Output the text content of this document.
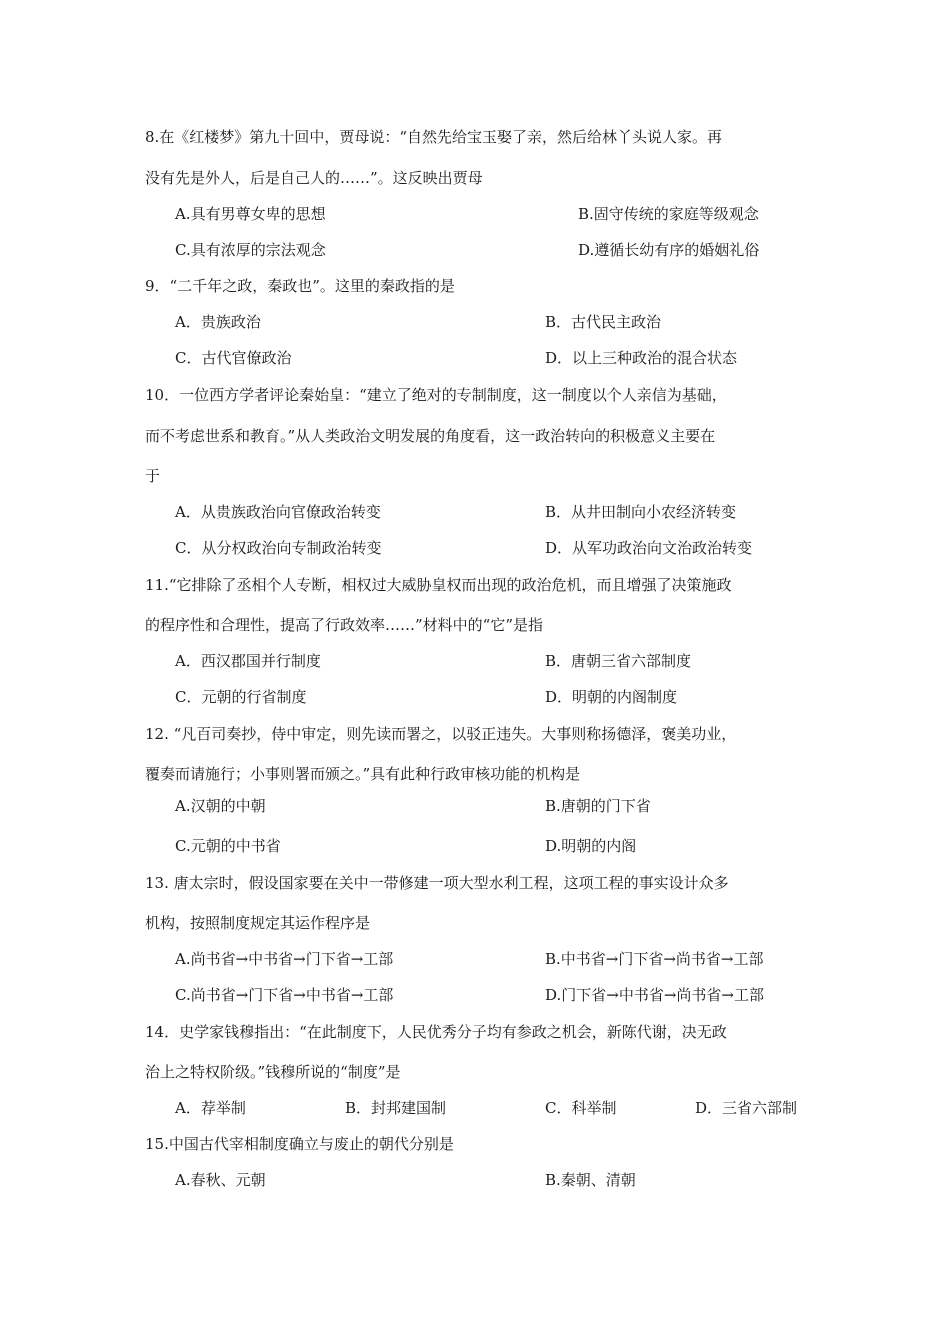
8.在《红楼梦》第九十回中，贾母说：“自然先给宝玉娶了亲，然后给林丫头说人家。再
没有先是外人，后是自己人的……”。这反映出贾母
A.具有男尊女卑的思想	B.固守传统的家庭等级观念
C.具有浓厚的宗法观念	D.遵循长幼有序的婚姻礼俗
9．“二千年之政，秦政也”。这里的秦政指的是
A．贵族政治	B．古代民主政治
C．古代官僚政治	D．以上三种政治的混合状态
10．一位西方学者评论秦始皇：“建立了绝对的专制制度，这一制度以个人亲信为基础，
而不考虑世系和教育。”从人类政治文明发展的角度看，这一政治转向的积极意义主要在
于
A．从贵族政治向官僚政治转变	B．从井田制向小农经济转变
C．从分权政治向专制政治转变	D．从军功政治向文治政治转变
11.“它排除了丞相个人专断，相权过大威胁皇权而出现的政治危机，而且增强了决策施政
的程序性和合理性，提高了行政效率……”材料中的“它”是指
A．西汉郡国并行制度	B．唐朝三省六部制度
C．元朝的行省制度	D．明朝的内阁制度
12. “凡百司奏抄，侍中审定，则先读而署之，以驳正违失。大事则称扬德泽，褒美功业，
覆奏而请施行；小事则署而颁之。”具有此种行政审核功能的机构是
A.汉朝的中朝	B.唐朝的门下省
C.元朝的中书省	D.明朝的内阁
13. 唐太宗时，假设国家要在关中一带修建一项大型水利工程，这项工程的事实设计众多
机构，按照制度规定其运作程序是
A.尚书省→中书省→门下省→工部	B.中书省→门下省→尚书省→工部
C.尚书省→门下省→中书省→工部	D.门下省→中书省→尚书省→工部
14．史学家钱穆指出：“在此制度下，人民优秀分子均有参政之机会，新陈代谢，决无政
治上之特权阶级。”钱穆所说的“制度”是
A．荐举制	B．封邦建国制	C．科举制	D．三省六部制
15.中国古代宰相制度确立与废止的朝代分别是
A.春秋、元朝	B.秦朝、清朝
